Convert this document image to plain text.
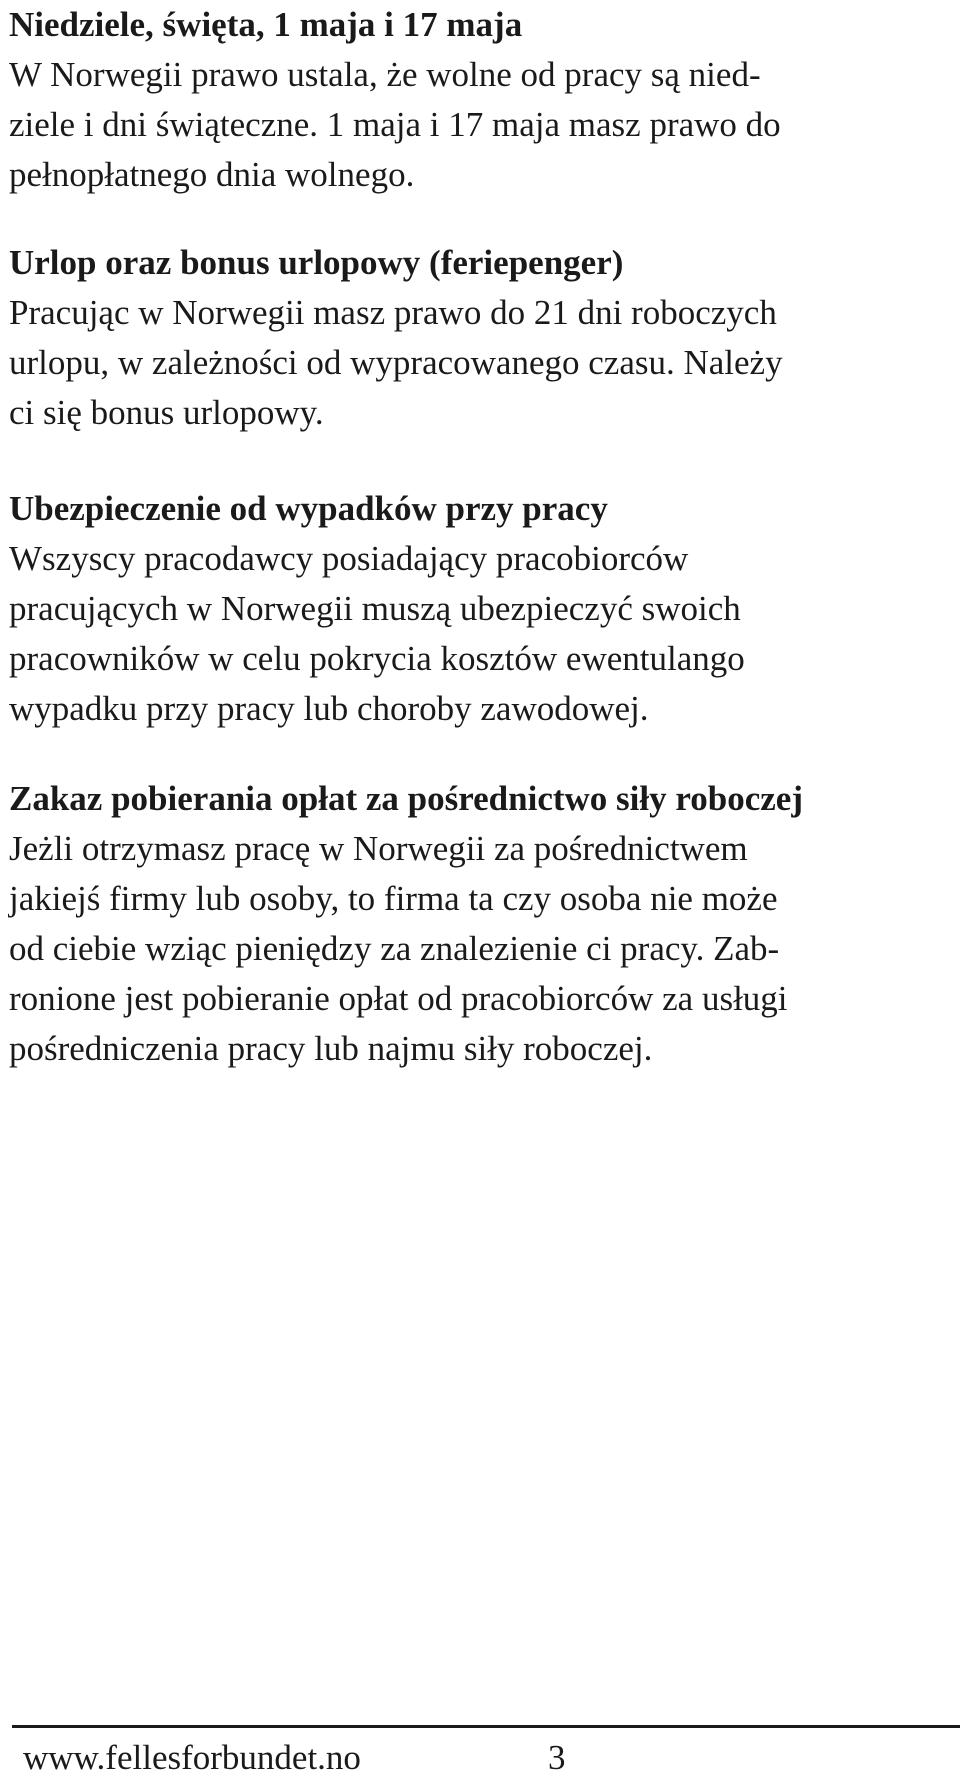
Niedziele, święta, 1 maja i 17 maja

W Norwegii prawo ustala, że wolne od pracy są nied-

ziele i dni świąteczne. 1 maja i 17 maja masz prawo do

pełnopłatnego dnia wolnego.

Urlop oraz bonus urlopowy (feriepenger)

Pracując w Norwegii masz prawo do 21 dni roboczych

urlopu, w zależności od wypracowanego czasu. Należy

ci się bonus urlopowy.

Ubezpieczenie od wypadków przy pracy

Wszyscy pracodawcy posiadający pracobiorców

pracujących w Norwegii muszą ubezpieczyć swoich

pracowników w celu pokrycia kosztów ewentulango

wypadku przy pracy lub choroby zawodowej.

Zakaz pobierania opłat za pośrednictwo siły roboczej

Jeżli otrzymasz pracę w Norwegii za pośrednictwem

jakiejś firmy lub osoby, to firma ta czy osoba nie może

od ciebie wziąc pieniędzy za znalezienie ci pracy. Zab-

ronione jest pobieranie opłat od pracobiorców za usługi

pośredniczenia pracy lub najmu siły roboczej.

www.fellesforbundet.no	3
